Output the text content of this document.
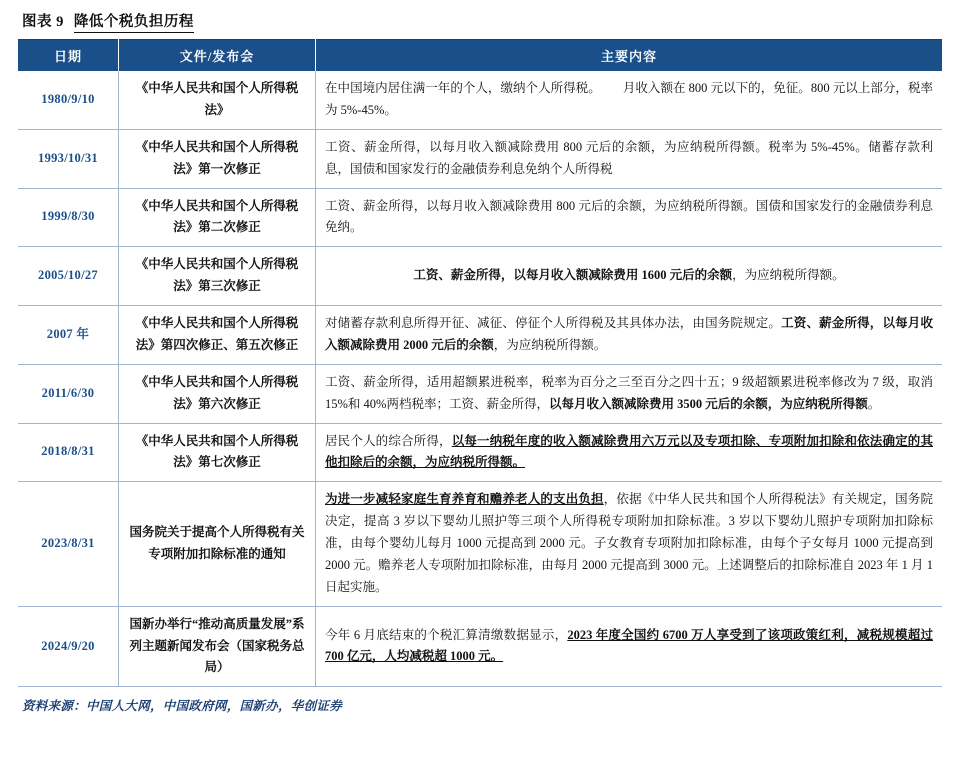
图表 9 降低个税负担历程
日期	文件/发布会	主要内容
1980/9/10	《中华人民共和国个人所得税法》	在中国境内居住满一年的个人，缴纳个人所得税。       月收入额在 800 元以下的，免征。800 元以上部分，税率为 5%-45%。
1993/10/31	《中华人民共和国个人所得税法》第一次修正	工资、薪金所得，以每月收入额减除费用 800 元后的余额，为应纳税所得额。税率为 5%-45%。储蓄存款利息，国债和国家发行的金融债券利息免纳个人所得税
1999/8/30	《中华人民共和国个人所得税法》第二次修正	工资、薪金所得，以每月收入额减除费用 800 元后的余额，为应纳税所得额。国债和国家发行的金融债券利息免纳。
2005/10/27	《中华人民共和国个人所得税法》第三次修正	工资、薪金所得，以每月收入额减除费用 1600 元后的余额，为应纳税所得额。
2007 年	《中华人民共和国个人所得税法》第四次修正、第五次修正	对储蓄存款利息所得开征、减征、停征个人所得税及其具体办法，由国务院规定。工资、薪金所得，以每月收入额减除费用 2000 元后的余额，为应纳税所得额。
2011/6/30	《中华人民共和国个人所得税法》第六次修正	工资、薪金所得，适用超额累进税率，税率为百分之三至百分之四十五；9 级超额累进税率修改为 7 级，取消 15%和 40%两档税率；工资、薪金所得，以每月收入额减除费用 3500 元后的余额，为应纳税所得额。
2018/8/31	《中华人民共和国个人所得税法》第七次修正	居民个人的综合所得，以每一纳税年度的收入额减除费用六万元以及专项扣除、专项附加扣除和依法确定的其他扣除后的余额，为应纳税所得额。
2023/8/31	国务院关于提高个人所得税有关专项附加扣除标准的通知	为进一步减轻家庭生育养育和赡养老人的支出负担，依据《中华人民共和国个人所得税法》有关规定，国务院决定，提高 3 岁以下婴幼儿照护等三项个人所得税专项附加扣除标准。3 岁以下婴幼儿照护专项附加扣除标准，由每个婴幼儿每月 1000 元提高到 2000 元。子女教育专项附加扣除标准，由每个子女每月 1000 元提高到 2000 元。赡养老人专项附加扣除标准，由每月 2000 元提高到 3000 元。上述调整后的扣除标准自 2023 年 1 月 1 日起实施。
2024/9/20	国新办举行“推动高质量发展”系列主题新闻发布会（国家税务总局）	今年 6 月底结束的个税汇算清缴数据显示，2023 年度全国约 6700 万人享受到了该项政策红利，减税规模超过 700 亿元，人均减税超 1000 元。
资料来源：中国人大网，中国政府网，国新办，华创证券
